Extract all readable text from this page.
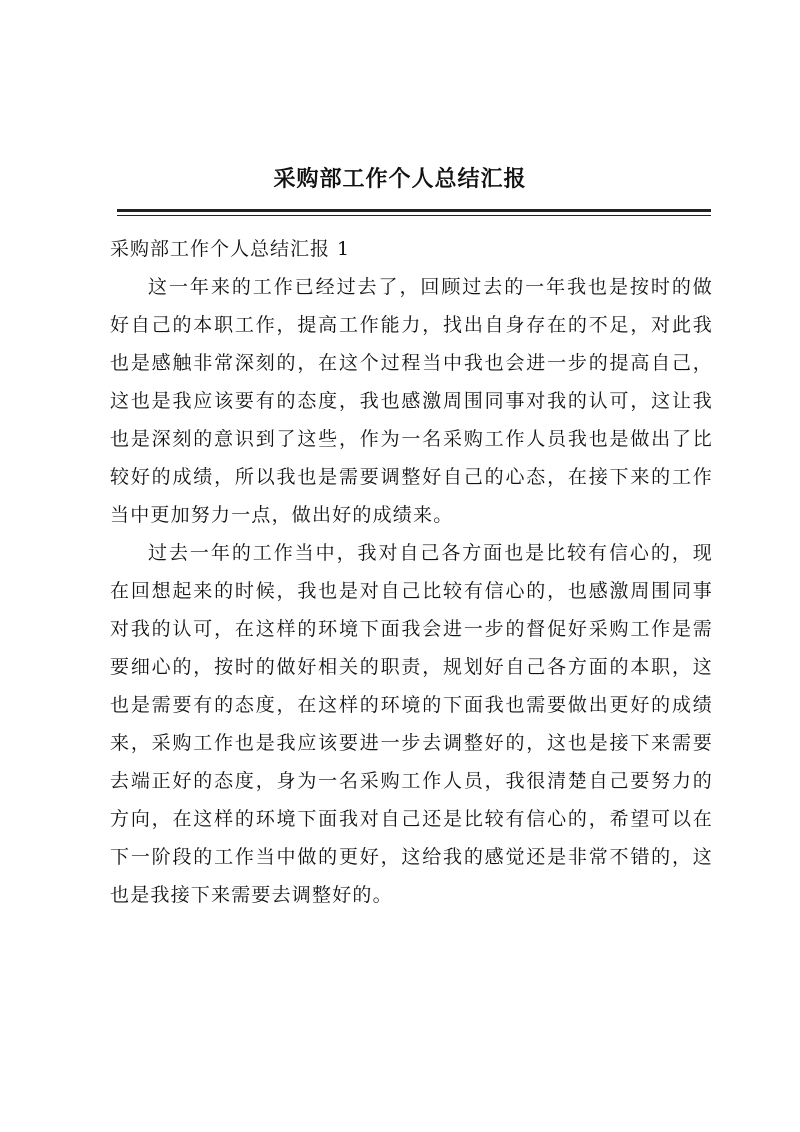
采购部工作个人总结汇报

采购部工作个人总结汇报 1

这一年来的工作已经过去了，回顾过去的一年我也是按时的做好自己的本职工作，提高工作能力，找出自身存在的不足，对此我也是感触非常深刻的，在这个过程当中我也会进一步的提高自己，这也是我应该要有的态度，我也感激周围同事对我的认可，这让我也是深刻的意识到了这些，作为一名采购工作人员我也是做出了比较好的成绩，所以我也是需要调整好自己的心态，在接下来的工作当中更加努力一点，做出好的成绩来。

过去一年的工作当中，我对自己各方面也是比较有信心的，现在回想起来的时候，我也是对自己比较有信心的，也感激周围同事对我的认可，在这样的环境下面我会进一步的督促好采购工作是需要细心的，按时的做好相关的职责，规划好自己各方面的本职，这也是需要有的态度，在这样的环境的下面我也需要做出更好的成绩来，采购工作也是我应该要进一步去调整好的，这也是接下来需要去端正好的态度，身为一名采购工作人员，我很清楚自己要努力的方向，在这样的环境下面我对自己还是比较有信心的，希望可以在下一阶段的工作当中做的更好，这给我的感觉还是非常不错的，这也是我接下来需要去调整好的。
